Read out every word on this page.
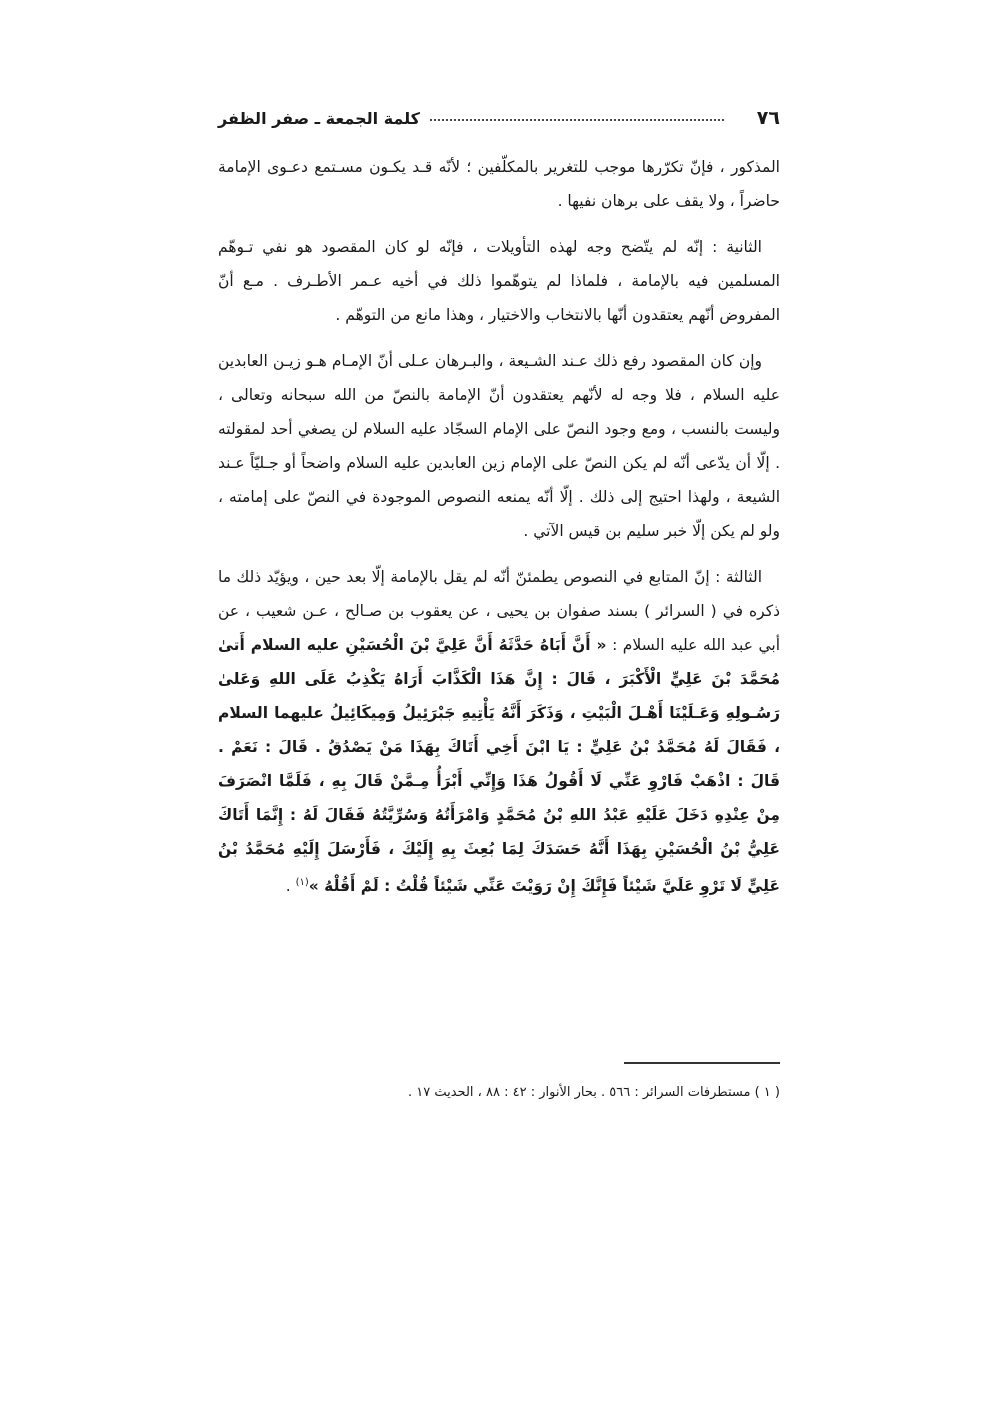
كلمة الجمعة ـ صفر الظفر	٧٦

المذكور ، فإنّ تكرّرها موجب للتغرير بالمكلّفين ؛ لأنّه قـد يكـون مسـتمع دعـوى الإمامة حاضراً ، ولا يقف على برهان نفيها .

الثانية : إنّه لم يتّضح وجه لهذه التأويلات ، فإنّه لو كان المقصود هو نفي تـوهّم المسلمين فيه بالإمامة ، فلماذا لم يتوهّموا ذلك في أخيه عـمر الأطـرف . مـع أنّ المفروض أنّهم يعتقدون أنّها بالانتخاب والاختيار ، وهذا مانع من التوهّم .

وإن كان المقصود رفع ذلك عـند الشـيعة ، والبـرهان عـلى أنّ الإمـام هـو زيـن العابدين عليه السلام ، فلا وجه له لأنّهم يعتقدون أنّ الإمامة بالنصّ من الله سبحانه وتعالى ، وليست بالنسب ، ومع وجود النصّ على الإمام السجّاد عليه السلام لن يصغي أحد لمقولته . إلّا أن يدّعى أنّه لم يكن النصّ على الإمام زين العابدين عليه السلام واضحاً أو جـليّاً عـند الشيعة ، ولهذا احتيج إلى ذلك . إلّا أنّه يمنعه النصوص الموجودة في النصّ على إمامته ، ولو لم يكن إلّا خبر سليم بن قيس الآتي .

الثالثة : إنّ المتابع في النصوص يطمئنّ أنّه لم يقل بالإمامة إلّا بعد حين ، ويؤيّد ذلك ما ذكره في ( السرائر ) بسند صفوان بن يحيى ، عن يعقوب بن صـالح ، عـن شعيب ، عن أبي عبد الله عليه السلام : « أَنَّ أَبَاهُ حَدَّثَهُ أَنَّ عَلِيَّ بْنَ الْحُسَيْنِ عليه السلام أَتىٰ مُحَمَّدَ بْنَ عَلِيٍّ الْأَكْبَرَ ، قَالَ : إِنَّ هَذَا الْكَذَّابَ أَرَاهُ يَكْذِبُ عَلَى اللهِ وَعَلىٰ رَسُـولِهِ وَعَـلَيْنَا أَهْـلَ الْبَيْتِ ، وَذَكَرَ أَنَّهُ يَأْتِيهِ جَبْرَئِيلُ وَمِيكَائِيلُ عليهما السلام ، فَقَالَ لَهُ مُحَمَّدُ بْنُ عَلِيٍّ : يَا ابْنَ أَخِي أَتَاكَ بِهَذَا مَنْ يَصْدُقُ . قَالَ : نَعَمْ . قَالَ : اذْهَبْ فَارْوِ عَنِّي لَا أَقُولُ هَذَا وَإِنِّي أَبْرَأُ مِـمَّنْ قَالَ بِهِ ، فَلَمَّا انْصَرَفَ مِنْ عِنْدِهِ دَخَلَ عَلَيْهِ عَبْدُ اللهِ بْنُ مُحَمَّدٍ وَامْرَأَتُهُ وَسُرِّيَّتُهُ فَقَالَ لَهُ : إِنَّمَا أَتَاكَ عَلِيُّ بْنُ الْحُسَيْنِ بِهَذَا أَنَّهُ حَسَدَكَ لِمَا بُعِثَ بِهِ إِلَيْكَ ، فَأَرْسَلَ إِلَيْهِ مُحَمَّدُ بْنُ عَلِيٍّ لَا تَرْوِ عَلَيَّ شَيْئاً فَإِنَّكَ إِنْ رَوَيْتَ عَنِّي شَيْئاً قُلْتُ : لَمْ أَقُلْهُ »$^{(١)}$ .

( ١ ) مستطرفات السرائر : ٥٦٦ . بحار الأنوار : ٤٢ : ٨٨ ، الحديث ١٧ .
